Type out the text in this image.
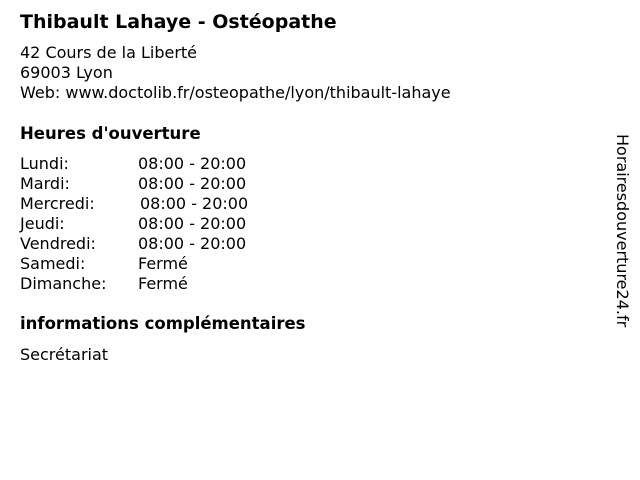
Thibault Lahaye - Ostéopathe
42 Cours de la Liberté
69003 Lyon
Web: www.doctolib.fr/osteopathe/lyon/thibault-lahaye
Heures d'ouverture
Lundi:	08:00 - 20:00
Mardi:	08:00 - 20:00
Mercredi:	08:00 - 20:00
Jeudi:	08:00 - 20:00
Vendredi:	08:00 - 20:00
Samedi:	Fermé
Dimanche: Fermé
informations complémentaires
Secrétariat
Horairesdouverture24.fr
